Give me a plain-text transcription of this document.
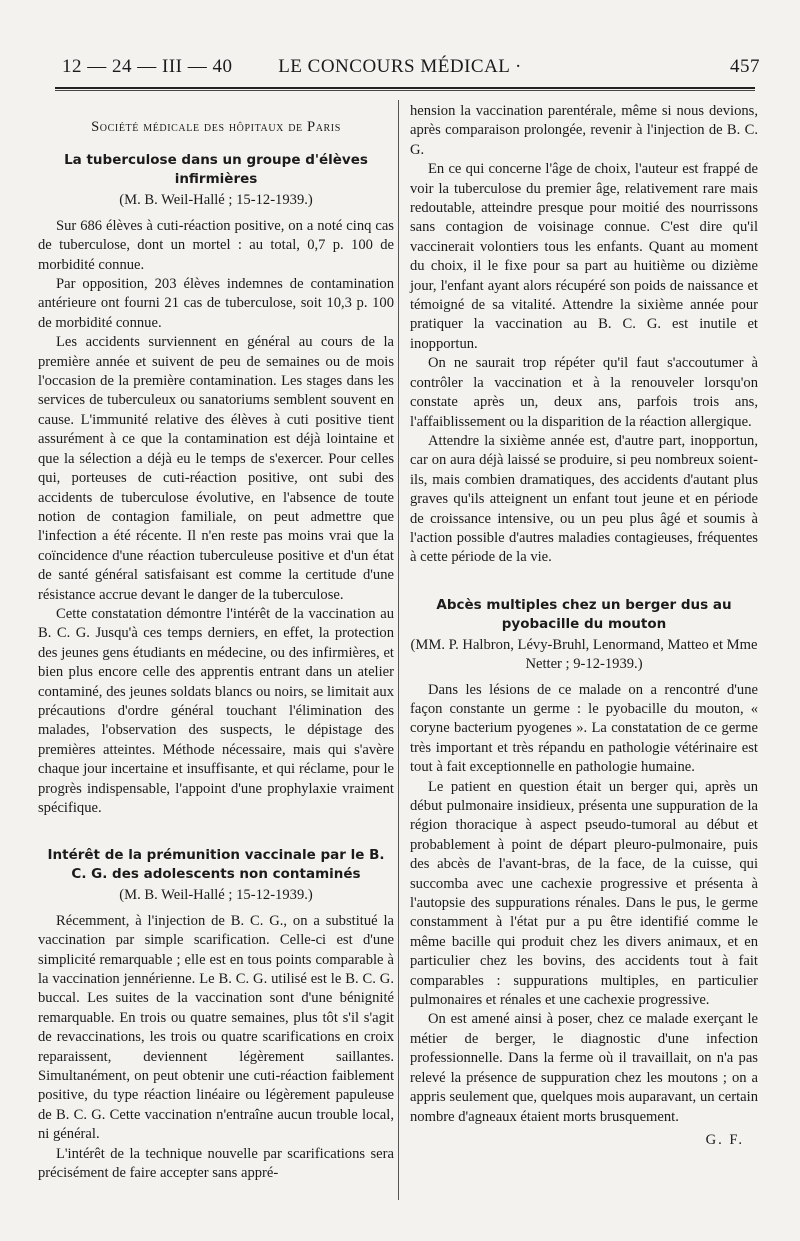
12 — 24 — III — 40	LE CONCOURS MÉDICAL ·	457

Société médicale des hôpitaux de Paris

La tuberculose dans un groupe d'élèves infirmières

(M. B. Weil-Hallé ; 15-12-1939.)

Sur 686 élèves à cuti-réaction positive, on a noté cinq cas de tuberculose, dont un mortel : au total, 0,7 p. 100 de morbidité connue.

Par opposition, 203 élèves indemnes de contamination antérieure ont fourni 21 cas de tuberculose, soit 10,3 p. 100 de morbidité connue.

Les accidents surviennent en général au cours de la première année et suivent de peu de semaines ou de mois l'occasion de la première contamination. Les stages dans les services de tuberculeux ou sanatoriums semblent souvent en cause. L'immunité relative des élèves à cuti positive tient assurément à ce que la contamination est déjà lointaine et que la sélection a déjà eu le temps de s'exercer. Pour celles qui, porteuses de cuti-réaction positive, ont subi des accidents de tuberculose évolutive, en l'absence de toute notion de contagion familiale, on peut admettre que l'infection a été récente. Il n'en reste pas moins vrai que la coïncidence d'une réaction tuberculeuse positive et d'un état de santé général satisfaisant est comme la certitude d'une résistance accrue devant le danger de la tuberculose.

Cette constatation démontre l'intérêt de la vaccination au B. C. G. Jusqu'à ces temps derniers, en effet, la protection des jeunes gens étudiants en médecine, ou des infirmières, et bien plus encore celle des apprentis entrant dans un atelier contaminé, des jeunes soldats blancs ou noirs, se limitait aux précautions d'ordre général touchant l'élimination des malades, l'observation des suspects, le dépistage des premières atteintes. Méthode nécessaire, mais qui s'avère chaque jour incertaine et insuffisante, et qui réclame, pour le progrès indispensable, l'appoint d'une prophylaxie vraiment spécifique.

Intérêt de la prémunition vaccinale par le B. C. G. des adolescents non contaminés

(M. B. Weil-Hallé ; 15-12-1939.)

Récemment, à l'injection de B. C. G., on a substitué la vaccination par simple scarification. Celle-ci est d'une simplicité remarquable ; elle est en tous points comparable à la vaccination jennérienne. Le B. C. G. utilisé est le B. C. G. buccal. Les suites de la vaccination sont d'une bénignité remarquable. En trois ou quatre semaines, plus tôt s'il s'agit de revaccinations, les trois ou quatre scarifications en croix reparaissent, deviennent légèrement saillantes. Simultanément, on peut obtenir une cuti-réaction faiblement positive, du type réaction linéaire ou légèrement papuleuse de B. C. G. Cette vaccination n'entraîne aucun trouble local, ni général.

L'intérêt de la technique nouvelle par scarifications sera précisément de faire accepter sans appré-

hension la vaccination parentérale, même si nous devions, après comparaison prolongée, revenir à l'injection de B. C. G.

En ce qui concerne l'âge de choix, l'auteur est frappé de voir la tuberculose du premier âge, relativement rare mais redoutable, atteindre presque pour moitié des nourrissons sans contagion de voisinage connue. C'est dire qu'il vaccinerait volontiers tous les enfants. Quant au moment du choix, il le fixe pour sa part au huitième ou dizième jour, l'enfant ayant alors récupéré son poids de naissance et témoigné de sa vitalité. Attendre la sixième année pour pratiquer la vaccination au B. C. G. est inutile et inopportun.

On ne saurait trop répéter qu'il faut s'accoutumer à contrôler la vaccination et à la renouveler lorsqu'on constate après un, deux ans, parfois trois ans, l'affaiblissement ou la disparition de la réaction allergique.

Attendre la sixième année est, d'autre part, inopportun, car on aura déjà laissé se produire, si peu nombreux soient-ils, mais combien dramatiques, des accidents d'autant plus graves qu'ils atteignent un enfant tout jeune et en période de croissance intensive, ou un peu plus âgé et soumis à l'action possible d'autres maladies contagieuses, fréquentes à cette période de la vie.

Abcès multiples chez un berger dus au pyobacille du mouton

(MM. P. Halbron, Lévy-Bruhl, Lenormand, Matteo et Mme Netter ; 9-12-1939.)

Dans les lésions de ce malade on a rencontré d'une façon constante un germe : le pyobacille du mouton, « coryne bacterium pyogenes ». La constatation de ce germe très important et très répandu en pathologie vétérinaire est tout à fait exceptionnelle en pathologie humaine.

Le patient en question était un berger qui, après un début pulmonaire insidieux, présenta une suppuration de la région thoracique à aspect pseudo-tumoral au début et probablement à point de départ pleuro-pulmonaire, puis des abcès de l'avant-bras, de la face, de la cuisse, qui succomba avec une cachexie progressive et présenta à l'autopsie des suppurations rénales. Dans le pus, le germe constamment à l'état pur a pu être identifié comme le même bacille qui produit chez les divers animaux, et en particulier chez les bovins, des accidents tout à fait comparables : suppurations multiples, en particulier pulmonaires et rénales et une cachexie progressive.

On est amené ainsi à poser, chez ce malade exerçant le métier de berger, le diagnostic d'une infection professionnelle. Dans la ferme où il travaillait, on n'a pas relevé la présence de suppuration chez les moutons ; on a appris seulement que, quelques mois auparavant, un certain nombre d'agneaux étaient morts brusquement.

G. F.
